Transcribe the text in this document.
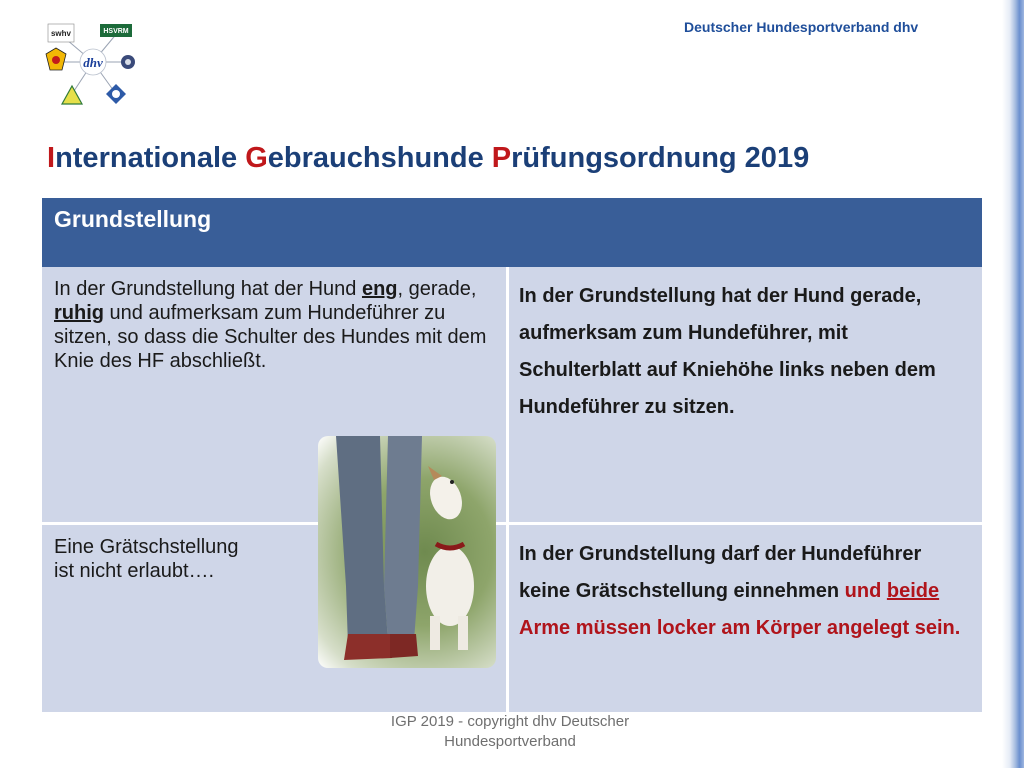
Deutscher Hundesportverband dhv
swhv	HSVRM
dhv
Internationale Gebrauchshunde Prüfungsordnung 2019
Grundstellung
In der Grundstellung hat der Hund eng, gerade, ruhig und aufmerksam zum Hundeführer zu sitzen, so dass die Schulter des Hundes mit dem Knie des HF abschließt.
In der Grundstellung hat der Hund gerade, aufmerksam zum Hundeführer, mit Schulterblatt auf Kniehöhe links neben dem Hundeführer zu sitzen.
Eine Grätschstellung
ist nicht erlaubt….
In der Grundstellung darf der Hundeführer keine Grätschstellung einnehmen und beide Arme müssen locker am Körper angelegt sein.
IGP 2019 - copyright dhv Deutscher
Hundesportverband
